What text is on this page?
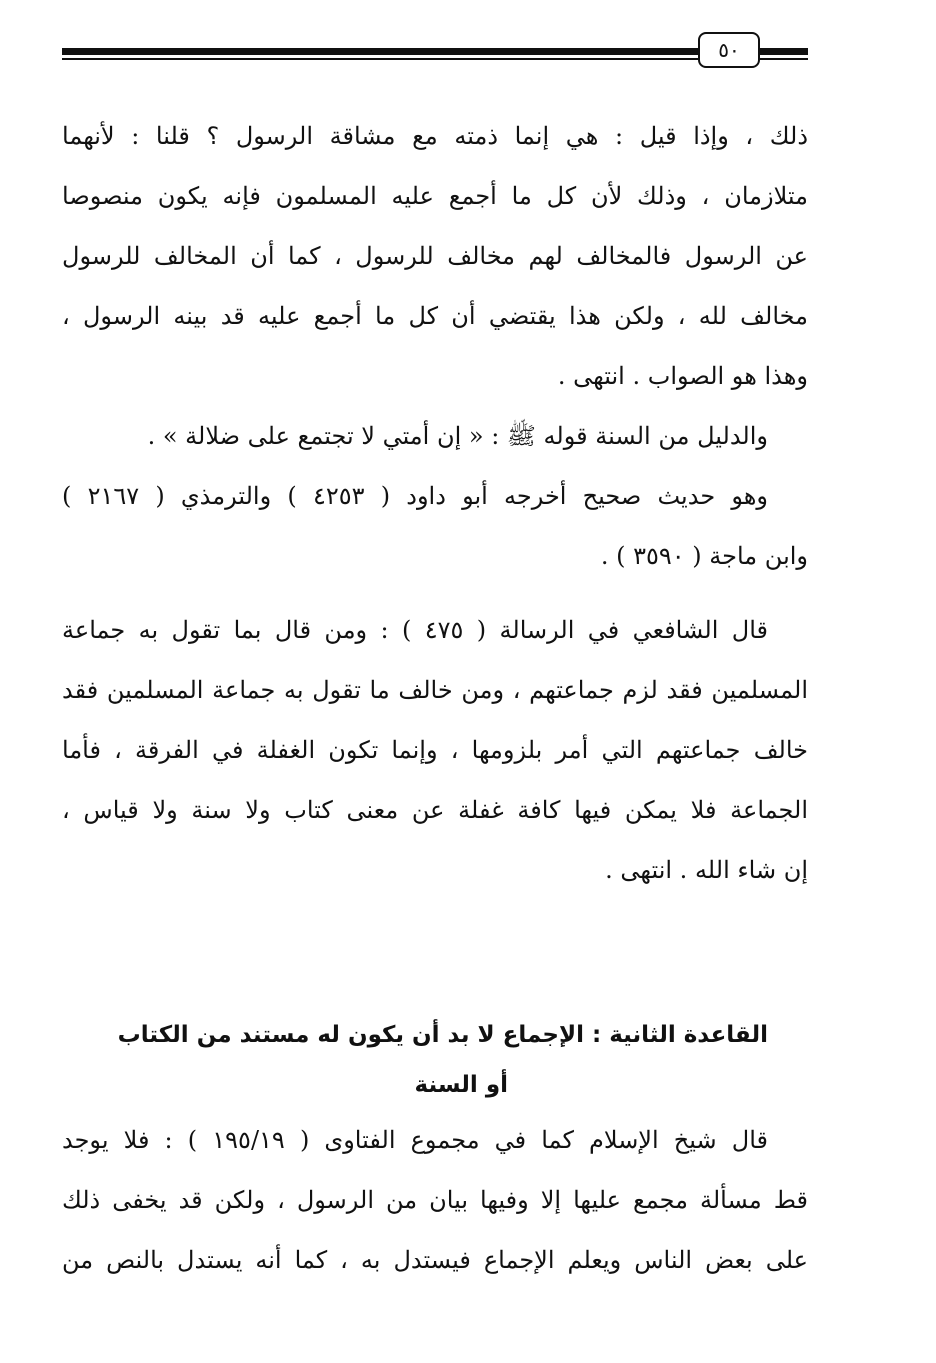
٥٠
ذلك ، وإذا قيل : هي إنما ذمته مع مشاقة الرسول ؟ قلنا : لأنهما
متلازمان ، وذلك لأن كل ما أجمع عليه المسلمون فإنه يكون منصوصا
عن الرسول فالمخالف لهم مخالف للرسول ، كما أن المخالف للرسول
مخالف لله ، ولكن هذا يقتضي أن كل ما أجمع عليه قد بينه الرسول ،
وهذا هو الصواب . انتهى .
والدليل من السنة قوله ﷺ : « إن أمتي لا تجتمع على ضلالة » .
وهو حديث صحيح أخرجه أبو داود ( ٤٢٥٣ ) والترمذي ( ٢١٦٧ )
وابن ماجة ( ٣٥٩٠ ) .
قال الشافعي في الرسالة ( ٤٧٥ ) : ومن قال بما تقول به جماعة
المسلمين فقد لزم جماعتهم ، ومن خالف ما تقول به جماعة المسلمين فقد
خالف جماعتهم التي أمر بلزومها ، وإنما تكون الغفلة في الفرقة ، فأما
الجماعة فلا يمكن فيها كافة غفلة عن معنى كتاب ولا سنة ولا قياس ،
إن شاء الله . انتهى .
القاعدة الثانية : الإجماع لا بد أن يكون له مستند من الكتاب
أو السنة
قال شيخ الإسلام كما في مجموع الفتاوى ( ١٩٥/١٩ ) : فلا يوجد
قط مسألة مجمع عليها إلا وفيها بيان من الرسول ، ولكن قد يخفى ذلك
على بعض الناس ويعلم الإجماع فيستدل به ، كما أنه يستدل بالنص من
